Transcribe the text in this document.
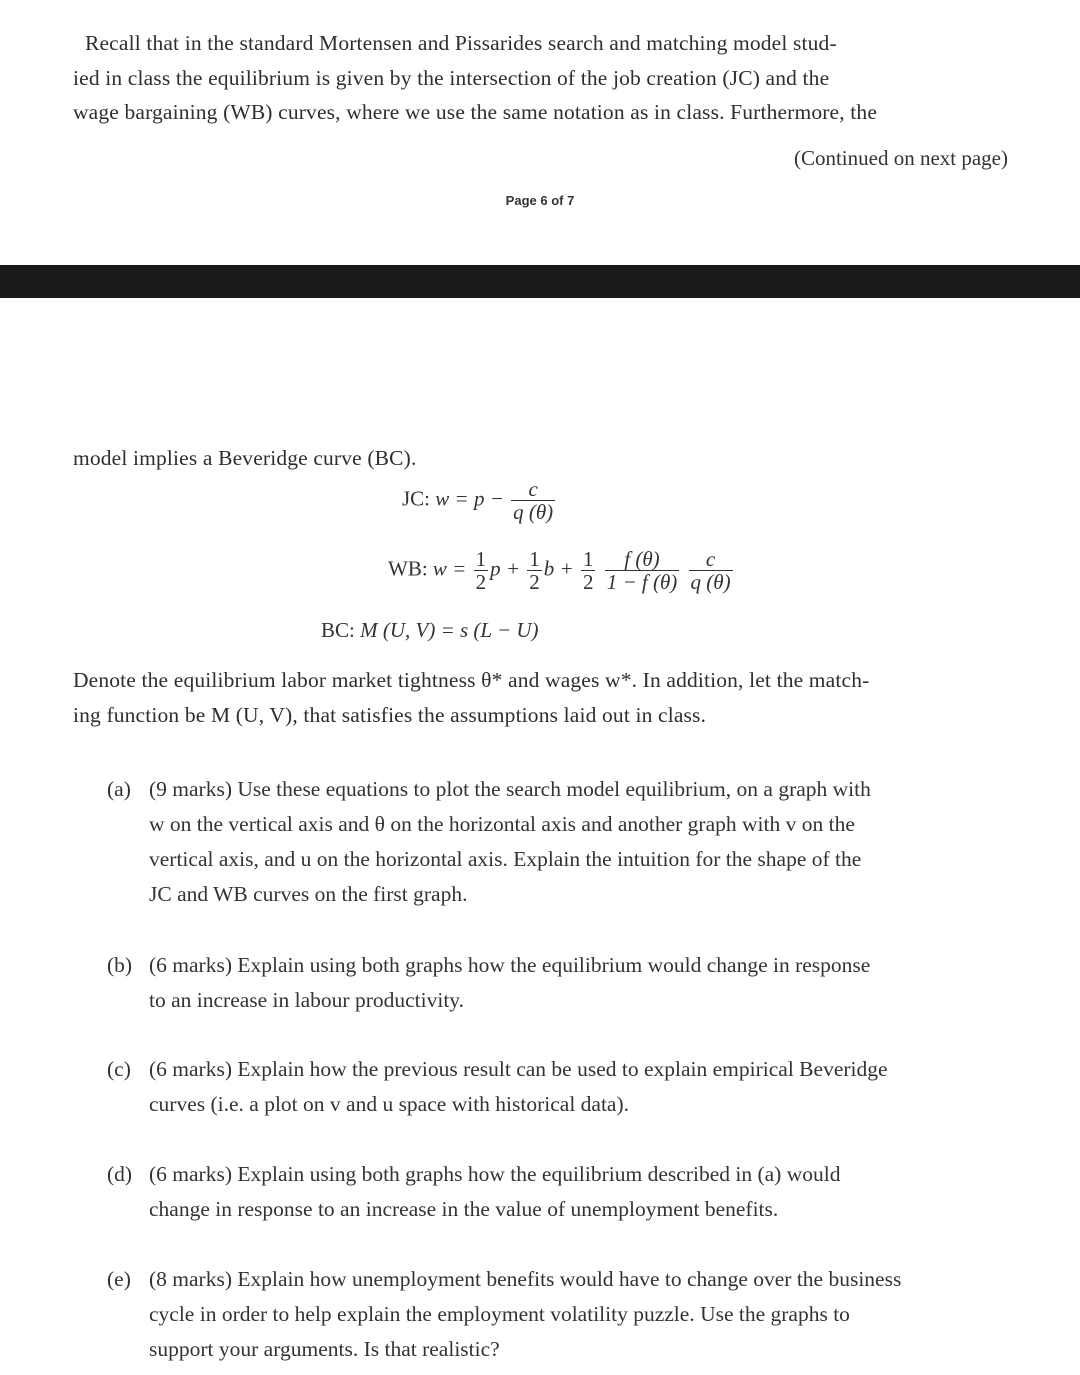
Recall that in the standard Mortensen and Pissarides search and matching model stud-
ied in class the equilibrium is given by the intersection of the job creation (JC) and the
wage bargaining (WB) curves, where we use the same notation as in class. Furthermore, the
(Continued on next page)
Page 6 of 7
model implies a Beveridge curve (BC).
JC: $w = p - \frac{c}{q (\theta)}$
WB: $w = \frac{1}{2}$ $p + \frac{1}{2}$ $b + \frac{1}{2}$
$\frac{f (\theta)}{1 - f (\theta)}$
$\frac{c}{q (\theta)}$
BC: M (U, V) = s (L − U)
Denote the equilibrium labor market tightness θ* and wages w*. In addition, let the match-
ing function be M (U, V), that satisfies the assumptions laid out in class.
(a) (9 marks) Use these equations to plot the search model equilibrium, on a graph with
w on the vertical axis and θ on the horizontal axis and another graph with v on the
vertical axis, and u on the horizontal axis. Explain the intuition for the shape of the
JC and WB curves on the first graph.
(b) (6 marks) Explain using both graphs how the equilibrium would change in response
to an increase in labour productivity.
(c) (6 marks) Explain how the previous result can be used to explain empirical Beveridge
curves (i.e. a plot on v and u space with historical data).
(d) (6 marks) Explain using both graphs how the equilibrium described in (a) would
change in response to an increase in the value of unemployment benefits.
(e) (8 marks) Explain how unemployment benefits would have to change over the business
cycle in order to help explain the employment volatility puzzle. Use the graphs to
support your arguments. Is that realistic?
